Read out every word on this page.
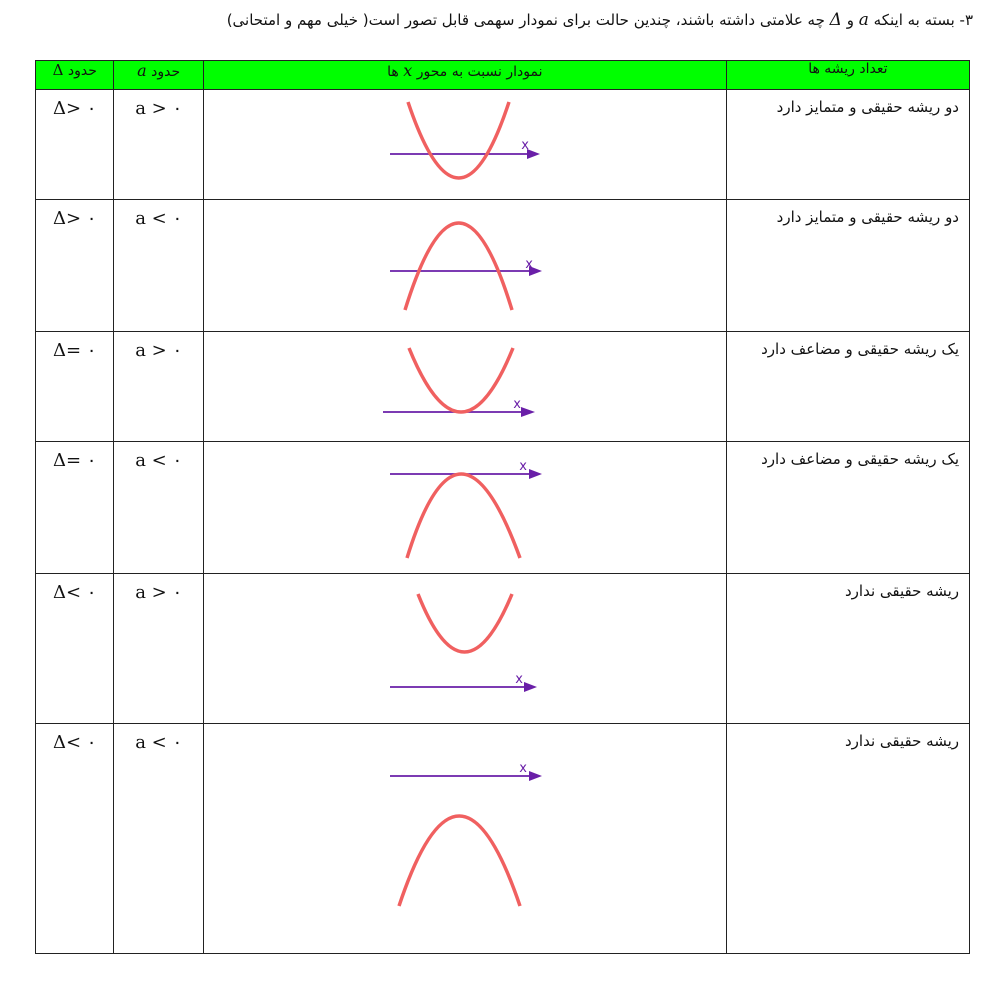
۳- بسته به اینکه a و Δ چه علامتی داشته باشند، چندین حالت برای نمودار سهمی قابل تصور است( خیلی مهم و امتحانی)
تعداد ریشه ها	نمودار نسبت به محور x ها	حدود a	حدود Δ

دو ریشه حقیقی و متمایز دارد	x	a > ۰	Δ> ۰

دو ریشه حقیقی و متمایز دارد	x	a < ۰	Δ> ۰

یک ریشه حقیقی و مضاعف دارد	x	a > ۰	Δ= ۰

یک ریشه حقیقی و مضاعف دارد	x	a < ۰	Δ= ۰

ریشه حقیقی ندارد	x	a > ۰	Δ< ۰

ریشه حقیقی ندارد	x	a < ۰	Δ< ۰
